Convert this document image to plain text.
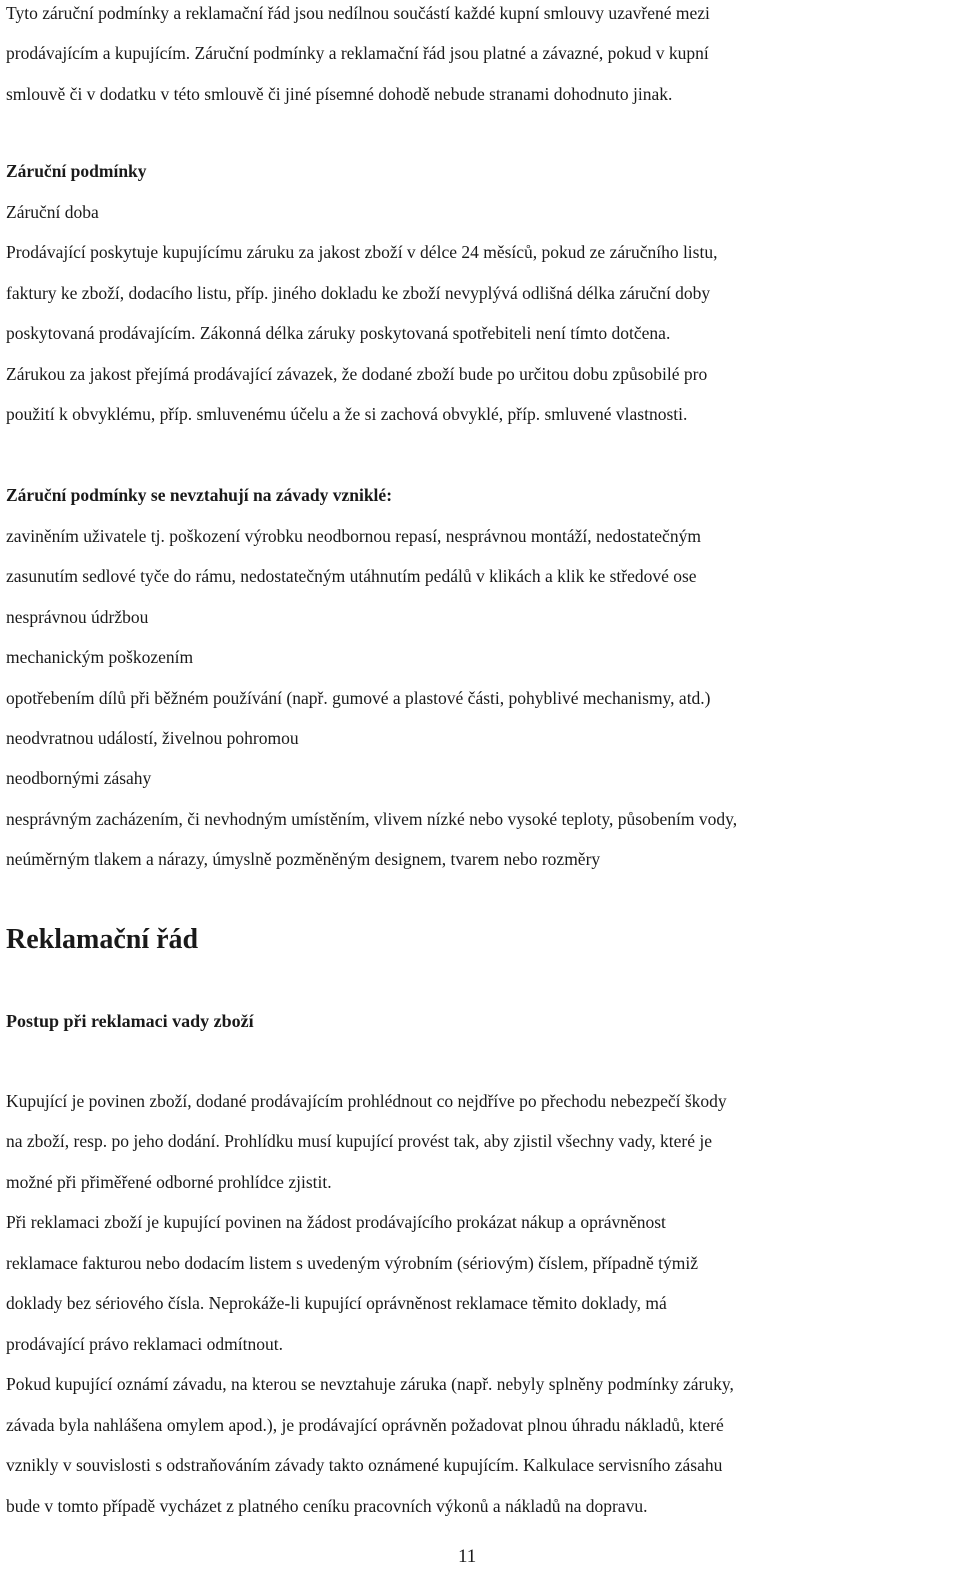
Tyto záruční podmínky a reklamační řád jsou nedílnou součástí každé kupní smlouvy uzavřené mezi

prodávajícím a kupujícím. Záruční podmínky a reklamační řád jsou platné a závazné, pokud v kupní

smlouvě či v dodatku v této smlouvě či jiné písemné dohodě nebude stranami dohodnuto jinak.

Záruční podmínky

Záruční doba

Prodávající poskytuje kupujícímu záruku za jakost zboží v délce 24 měsíců, pokud ze záručního listu,

faktury ke zboží, dodacího listu, příp. jiného dokladu ke zboží nevyplývá odlišná délka záruční doby

poskytovaná prodávajícím. Zákonná délka záruky poskytovaná spotřebiteli není tímto dotčena.

Zárukou za jakost přejímá prodávající závazek, že dodané zboží bude po určitou dobu způsobilé pro

použití k obvyklému, příp. smluvenému účelu a že si zachová obvyklé, příp. smluvené vlastnosti.

Záruční podmínky se nevztahují na závady vzniklé:

zaviněním uživatele tj. poškození výrobku neodbornou repasí, nesprávnou montáží, nedostatečným

zasunutím sedlové tyče do rámu, nedostatečným utáhnutím pedálů v klikách a klik ke středové ose

nesprávnou údržbou

mechanickým poškozením

opotřebením dílů při běžném používání (např. gumové a plastové části, pohyblivé mechanismy, atd.)

neodvratnou událostí, živelnou pohromou

neodbornými zásahy

nesprávným zacházením, či nevhodným umístěním, vlivem nízké nebo vysoké teploty, působením vody,

neúměrným tlakem a nárazy, úmyslně pozměněným designem, tvarem nebo rozměry

Reklamační řád

Postup při reklamaci vady zboží

Kupující je povinen zboží, dodané prodávajícím prohlédnout co nejdříve po přechodu nebezpečí škody

na zboží, resp. po jeho dodání. Prohlídku musí kupující provést tak, aby zjistil všechny vady, které je

možné při přiměřené odborné prohlídce zjistit.

Při reklamaci zboží je kupující povinen na žádost prodávajícího prokázat nákup a oprávněnost

reklamace fakturou nebo dodacím listem s uvedeným výrobním (sériovým) číslem, případně týmiž

doklady bez sériového čísla. Neprokáže-li kupující oprávněnost reklamace těmito doklady, má

prodávající právo reklamaci odmítnout.

Pokud kupující oznámí závadu, na kterou se nevztahuje záruka (např. nebyly splněny podmínky záruky,

závada byla nahlášena omylem apod.), je prodávající oprávněn požadovat plnou úhradu nákladů, které

vznikly v souvislosti s odstraňováním závady takto oznámené kupujícím. Kalkulace servisního zásahu

bude v tomto případě vycházet z platného ceníku pracovních výkonů a nákladů na dopravu.

11
